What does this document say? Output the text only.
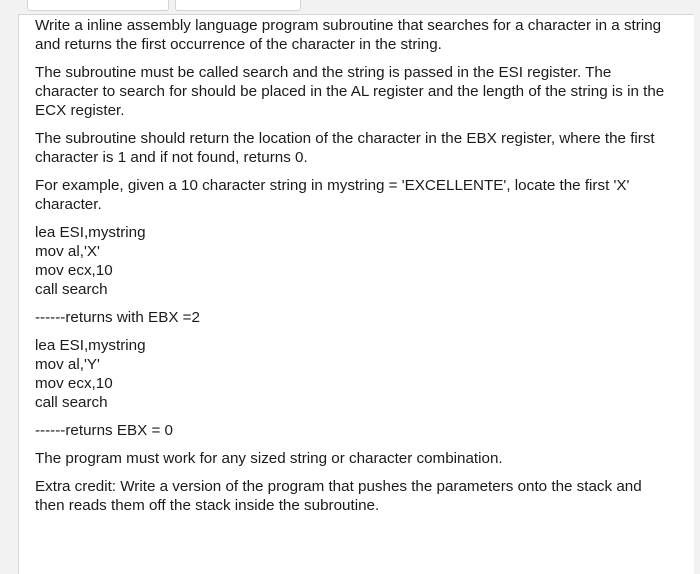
Write a inline assembly language program subroutine that searches for a character in a string and returns the first occurrence of the character in the string.

The subroutine must be called search and the string is passed in the ESI register. The character to search for should be placed in the AL register and the length of the string is in the ECX register.

The subroutine should return the location of the character in the EBX register, where the first character is 1 and if not found, returns 0.

For example, given a 10 character string in mystring = 'EXCELLENTE', locate the first 'X' character.

lea ESI,mystring
mov al,'X'
mov ecx,10
call search

------returns with EBX =2

lea ESI,mystring
mov al,'Y'
mov ecx,10
call search

------returns EBX = 0

The program must work for any sized string or character combination.

Extra credit: Write a version of the program that pushes the parameters onto the stack and then reads them off the stack inside the subroutine.
